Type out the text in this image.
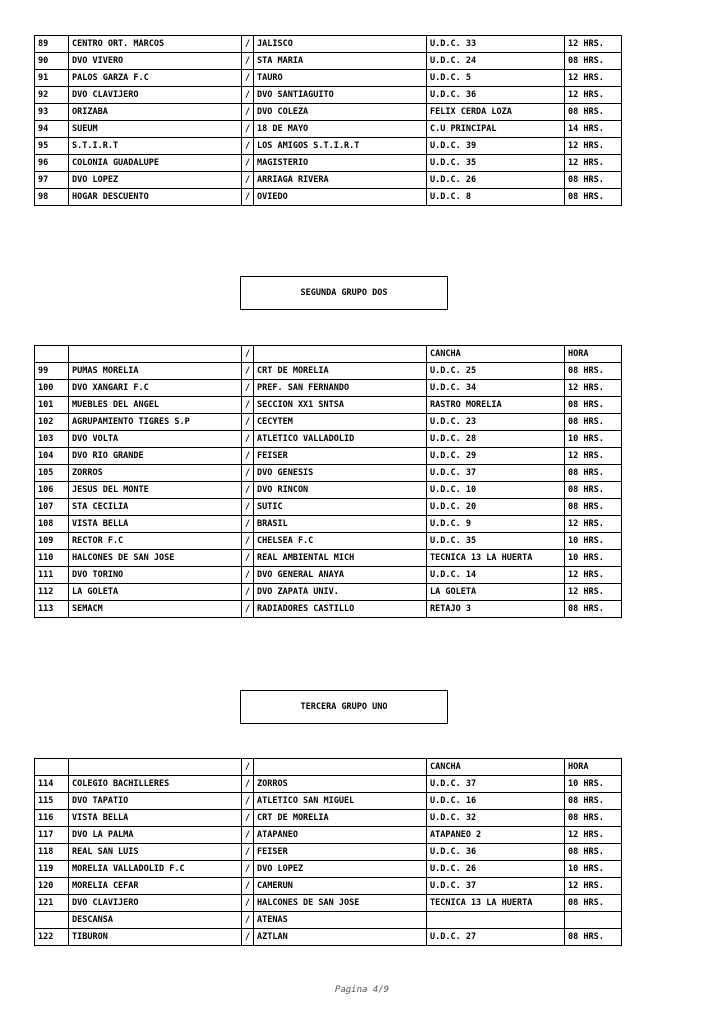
89	CENTRO ORT. MARCOS	/	JALISCO	U.D.C. 33	12 HRS.
90	DVO VIVERO	/	STA MARIA	U.D.C. 24	08 HRS.
91	PALOS GARZA F.C	/	TAURO	U.D.C. 5	12 HRS.
92	DVO CLAVIJERO	/	DVO SANTIAGUITO	U.D.C. 36	12 HRS.
93	ORIZABA	/	DVO COLEZA	FELIX CERDA LOZA	08 HRS.
94	SUEUM	/	18 DE MAYO	C.U PRINCIPAL	14 HRS.
95	S.T.I.R.T	/	LOS AMIGOS S.T.I.R.T	U.D.C. 39	12 HRS.
96	COLONIA GUADALUPE	/	MAGISTERIO	U.D.C. 35	12 HRS.
97	DVO LOPEZ	/	ARRIAGA RIVERA	U.D.C. 26	08 HRS.
98	HOGAR DESCUENTO	/	OVIEDO	U.D.C. 8	08 HRS.
SEGUNDA GRUPO DOS
		/		CANCHA	HORA
99	PUMAS MORELIA	/	CRT DE MORELIA	U.D.C. 25	08 HRS.
100	DVO XANGARI F.C	/	PREF. SAN FERNANDO	U.D.C. 34	12 HRS.
101	MUEBLES DEL ANGEL	/	SECCION XX1 SNTSA	RASTRO MORELIA	08 HRS.
102	AGRUPAMIENTO TIGRES S.P	/	CECYTEM	U.D.C. 23	08 HRS.
103	DVO VOLTA	/	ATLETICO VALLADOLID	U.D.C. 28	10 HRS.
104	DVO RIO GRANDE	/	FEISER	U.D.C. 29	12 HRS.
105	ZORROS	/	DVO GENESIS	U.D.C. 37	08 HRS.
106	JESUS DEL MONTE	/	DVO RINCON	U.D.C. 10	08 HRS.
107	STA CECILIA	/	SUTIC	U.D.C. 20	08 HRS.
108	VISTA BELLA	/	BRASIL	U.D.C. 9	12 HRS.
109	RECTOR F.C	/	CHELSEA F.C	U.D.C. 35	10 HRS.
110	HALCONES DE SAN JOSE	/	REAL AMBIENTAL MICH	TECNICA 13 LA HUERTA	10 HRS.
111	DVO TORINO	/	DVO GENERAL ANAYA	U.D.C. 14	12 HRS.
112	LA GOLETA	/	DVO ZAPATA UNIV.	LA GOLETA	12 HRS.
113	SEMACM	/	RADIADORES CASTILLO	RETAJO 3	08 HRS.
TERCERA GRUPO UNO
		/		CANCHA	HORA
114	COLEGIO BACHILLERES	/	ZORROS	U.D.C. 37	10 HRS.
115	DVO TAPATIO	/	ATLETICO SAN MIGUEL	U.D.C. 16	08 HRS.
116	VISTA BELLA	/	CRT DE MORELIA	U.D.C. 32	08 HRS.
117	DVO LA PALMA	/	ATAPANEO	ATAPANEO 2	12 HRS.
118	REAL SAN LUIS	/	FEISER	U.D.C. 36	08 HRS.
119	MORELIA VALLADOLID F.C	/	DVO LOPEZ	U.D.C. 26	10 HRS.
120	MORELIA CEFAR	/	CAMERUN	U.D.C. 37	12 HRS.
121	DVO CLAVIJERO	/	HALCONES DE SAN JOSE	TECNICA 13 LA HUERTA	08 HRS.
	DESCANSA	/	ATENAS		
122	TIBURON	/	AZTLAN	U.D.C. 27	08 HRS.
Pagina 4/9
